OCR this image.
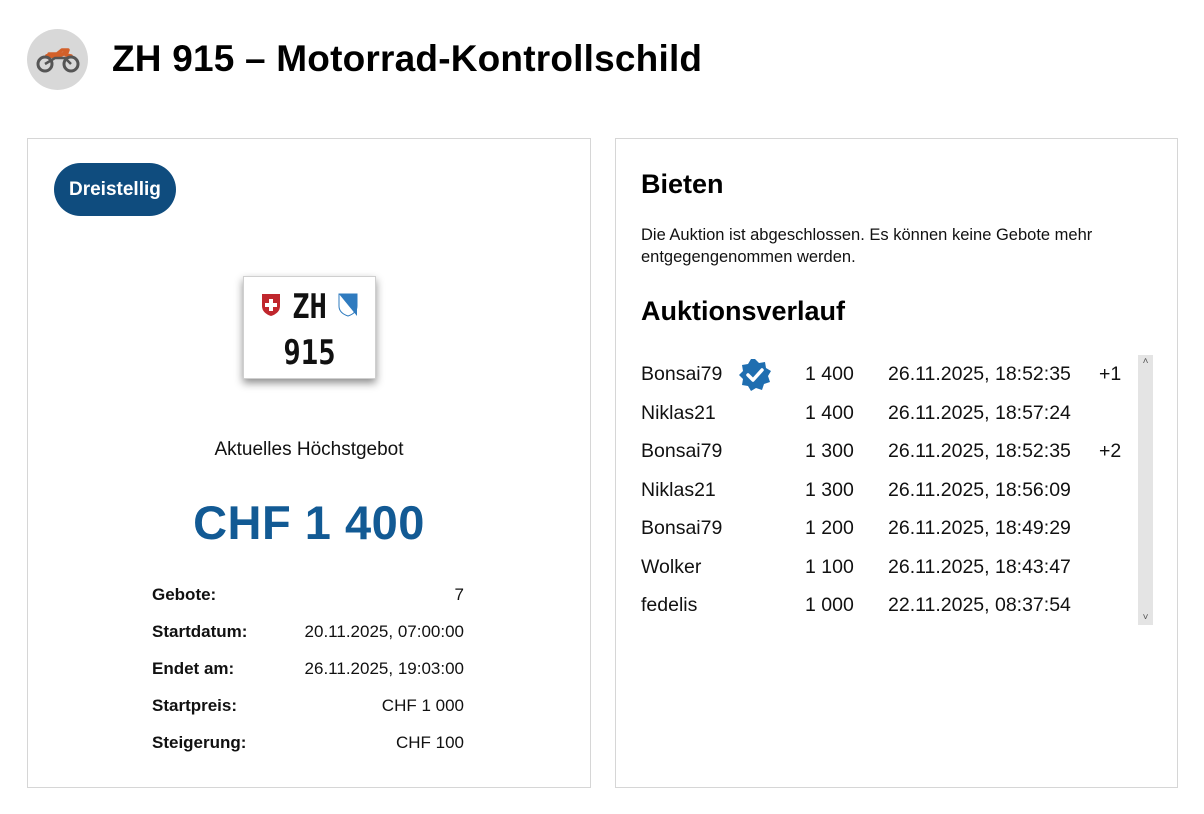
ZH 915 – Motorrad-Kontrollschild
Dreistellig
ZH
915
Aktuelles Höchstgebot
CHF 1 400
Gebote:	7
Startdatum:	20.11.2025, 07:00:00
Endet am:	26.11.2025, 19:03:00
Startpreis:	CHF 1 000
Steigerung:	CHF 100
Bieten

Die Auktion ist abgeschlossen. Es können keine Gebote mehr entgegengenommen werden.

Auktionsverlauf
Bonsai79	1 400 26.11.2025, 18:52:35 +1
Niklas21	1 400 26.11.2025, 18:57:24
Bonsai79	1 300 26.11.2025, 18:52:35 +2
Niklas21	1 300 26.11.2025, 18:56:09
Bonsai79	1 200 26.11.2025, 18:49:29
Wolker	1 100 26.11.2025, 18:43:47
fedelis	1 000 22.11.2025, 08:37:54
˄
˅
